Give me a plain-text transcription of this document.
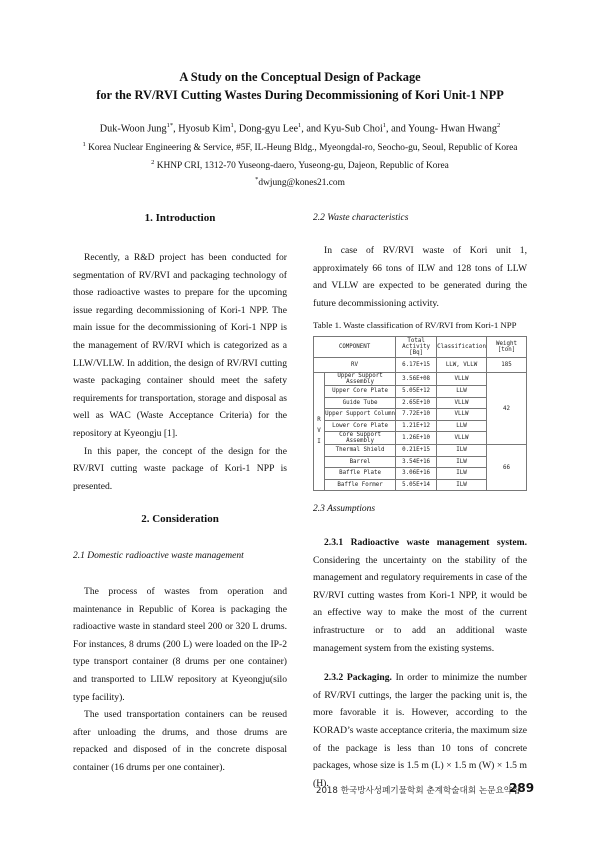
A Study on the Conceptual Design of Package
for the RV/RVI Cutting Wastes During Decommissioning of Kori Unit-1 NPP
Duk-Woon Jung$^{1*}$, Hyosub Kim$^1$, Dong-gyu Lee$^1$, and Kyu-Sub Choi$^1$, and Young- Hwan Hwang$^2$
$^1$ Korea Nuclear Engineering & Service, #5F, IL-Heung Bldg., Myeongdal-ro, Seocho-gu, Seoul, Republic of Korea
$^2$ KHNP CRI, 1312-70 Yuseong-daero, Yuseong-gu, Dajeon, Republic of Korea
*dwjung@kones21.com
1. Introduction

Recently, a R&D project has been conducted for segmentation of RV/RVI and packaging technology of those radioactive wastes to prepare for the upcoming issue regarding decommissioning of Kori-1 NPP. The main issue for the decommissioning of Kori-1 NPP is the management of RV/RVI which is categorized as a LLW/VLLW. In addition, the design of RV/RVI cutting waste packaging container should meet the safety requirements for transportation, storage and disposal as well as WAC (Waste Acceptance Criteria) for the repository at Kyeongju [1].

In this paper, the concept of the design for the RV/RVI cutting waste package of Kori-1 NPP is presented.

2. Consideration
2.1 Domestic radioactive waste management

The process of wastes from operation and maintenance in Republic of Korea is packaging the radioactive waste in standard steel 200 or 320 L drums. For instances, 8 drums (200 L) were loaded on the IP-2 type transport container (8 drums per one container) and transported to LILW repository at Kyeongju(silo type facility).

The used transportation containers can be reused after unloading the drums, and those drums are repacked and disposed of in the concrete disposal container (16 drums per one container).

2.2 Waste characteristics

In case of RV/RVI waste of Kori unit 1, approximately 66 tons of ILW and 128 tons of LLW and VLLW are expected to be generated during the future decommissioning activity.

Table 1. Waste classification of RV/RVI from Kori-1 NPP
COMPONENT		Total Activity [Bq]	Classification	Weight [ton]
RV		6.17E+15	LLW, VLLW	185
R V I	Upper Support Assembly	3.56E+08	VLLW	42
	Upper Core Plate	5.05E+12	LLW	
	Guide Tube	2.65E+10	VLLW	
	Upper Support Column	7.72E+10	VLLW	
	Lower Core Plate	1.21E+12	LLW	
	Core Support Assembly	1.26E+10	VLLW	
	Thermal Shield	0.21E+15	ILW	66
	Barrel	3.54E+16	ILW	
	Baffle Plate	3.06E+16	ILW	
	Baffle Former	5.05E+14	ILW	
2.3 Assumptions

2.3.1 Radioactive waste management system. Considering the uncertainty on the stability of the management and regulatory requirements in case of the RV/RVI cutting wastes from Kori-1 NPP, it would be an effective way to make the most of the current infrastructure or to add an additional waste management system from the existing systems.

2.3.2 Packaging. In order to minimize the number of RV/RVI cuttings, the larger the packing unit is, the more favorable it is. However, according to the KORAD’s waste acceptance criteria, the maximum size of the package is less than 10 tons of concrete packages, whose size is 1.5 m (L) × 1.5 m (W) × 1.5 m (H).

2018 한국방사성폐기물학회 춘계학술대회 논문요약집
289
